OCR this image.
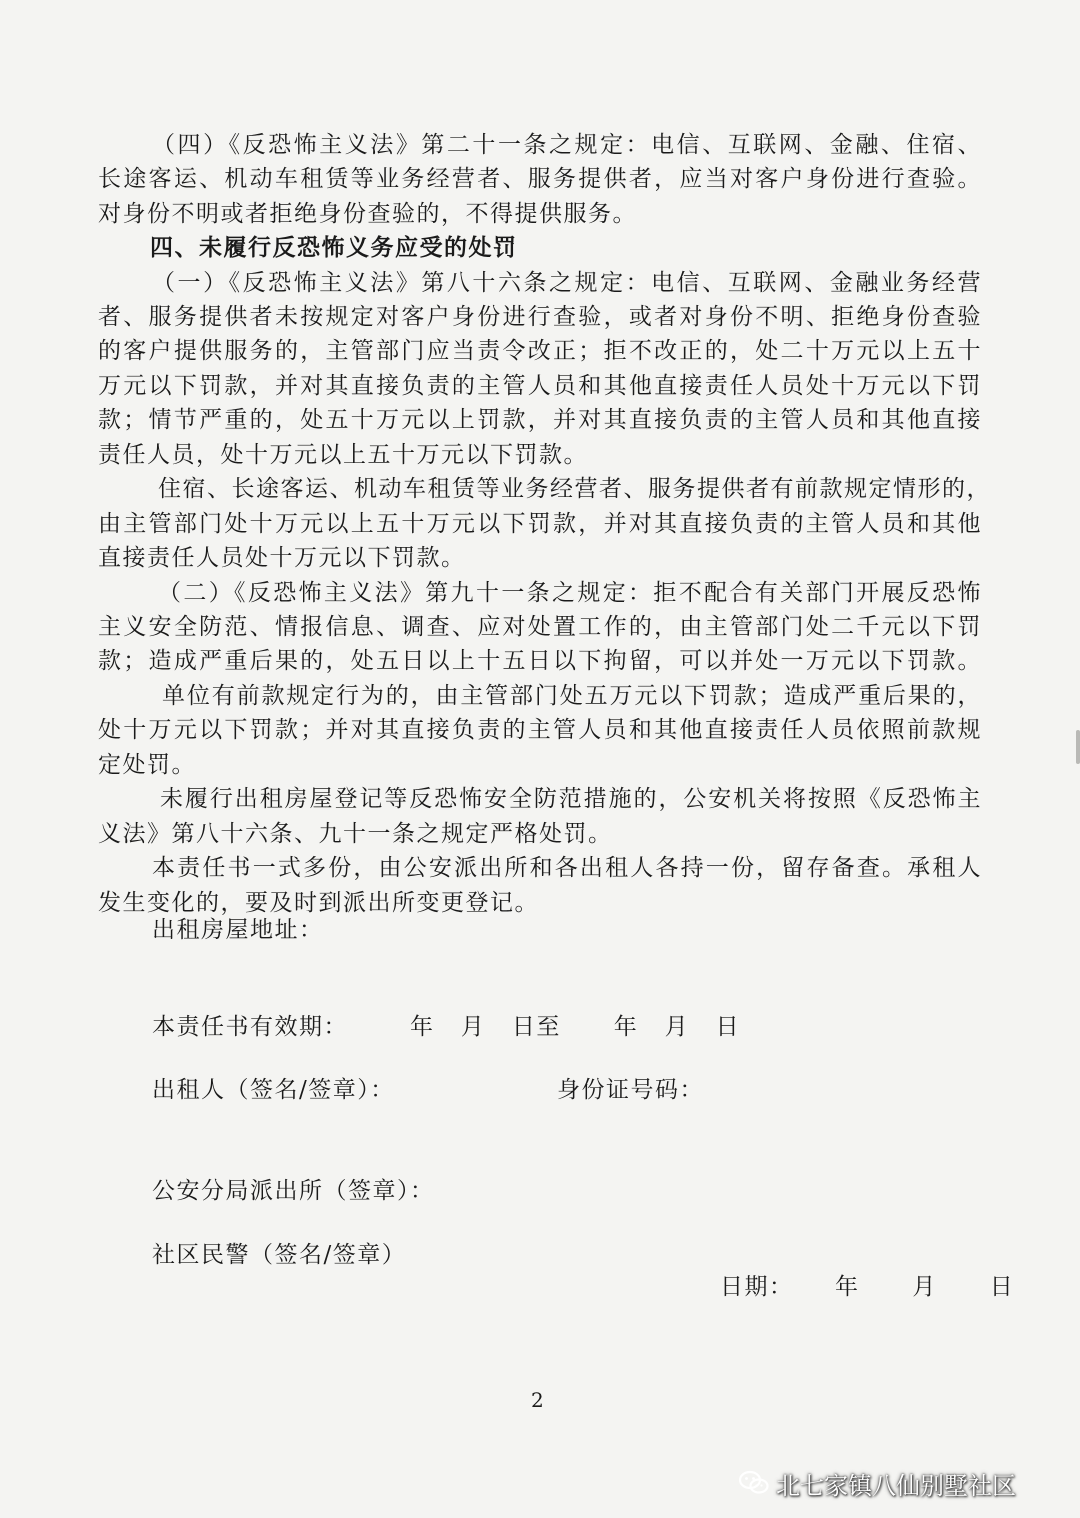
（四）《反恐怖主义法》第二十一条之规定：电信、互联网、金融、住宿、
长途客运、机动车租赁等业务经营者、服务提供者，应当对客户身份进行查验。
对身份不明或者拒绝身份查验的，不得提供服务。
四、未履行反恐怖义务应受的处罚
（一）《反恐怖主义法》第八十六条之规定：电信、互联网、金融业务经营
者、服务提供者未按规定对客户身份进行查验，或者对身份不明、拒绝身份查验
的客户提供服务的，主管部门应当责令改正；拒不改正的，处二十万元以上五十
万元以下罚款，并对其直接负责的主管人员和其他直接责任人员处十万元以下罚
款；情节严重的，处五十万元以上罚款，并对其直接负责的主管人员和其他直接
责任人员，处十万元以上五十万元以下罚款。
住宿、长途客运、机动车租赁等业务经营者、服务提供者有前款规定情形的，
由主管部门处十万元以上五十万元以下罚款，并对其直接负责的主管人员和其他
直接责任人员处十万元以下罚款。
（二）《反恐怖主义法》第九十一条之规定：拒不配合有关部门开展反恐怖
主义安全防范、情报信息、调查、应对处置工作的，由主管部门处二千元以下罚
款；造成严重后果的，处五日以上十五日以下拘留，可以并处一万元以下罚款。
单位有前款规定行为的，由主管部门处五万元以下罚款；造成严重后果的，
处十万元以下罚款；并对其直接负责的主管人员和其他直接责任人员依照前款规
定处罚。
未履行出租房屋登记等反恐怖安全防范措施的，公安机关将按照《反恐怖主
义法》第八十六条、九十一条之规定严格处罚。
本责任书一式多份，由公安派出所和各出租人各持一份，留存备查。承租人
发生变化的，要及时到派出所变更登记。
出租房屋地址：
本责任书有效期：	年   月   日至      年   月   日
出租人（签名/签章）：	身份证号码：
公安分局派出所（签章）：
社区民警（签名/签章）
日期： 年      月      日
2
北七家镇八仙别墅社区
